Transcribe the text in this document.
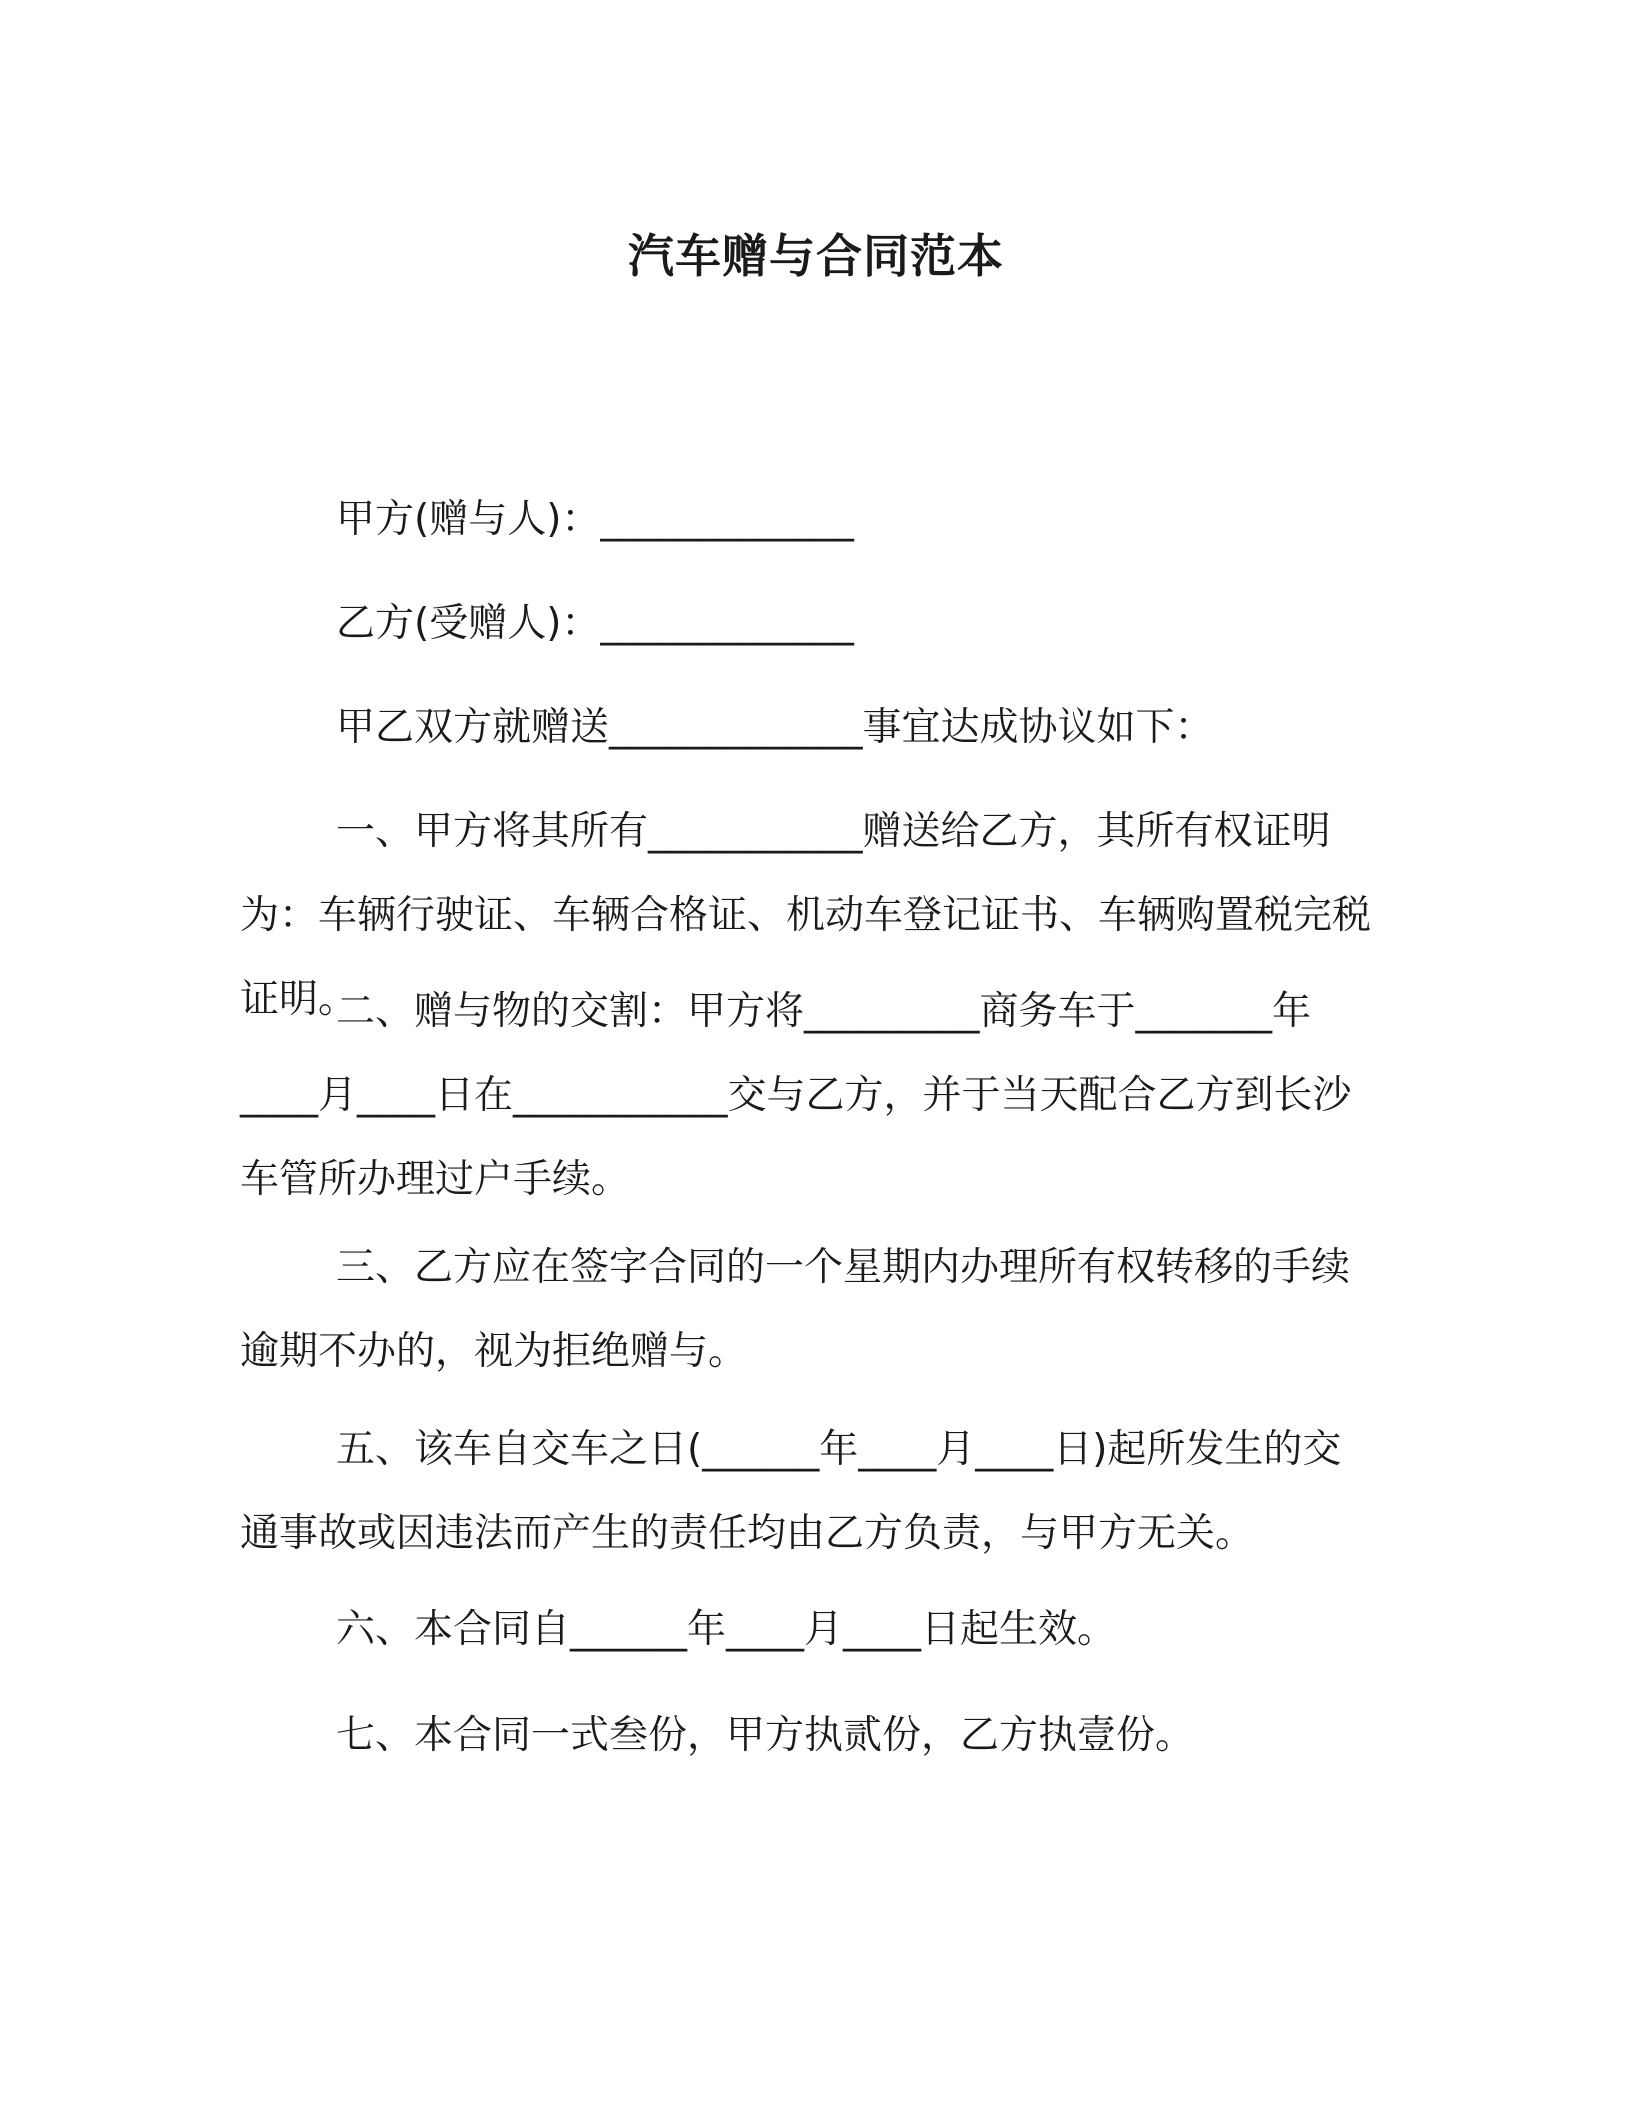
汽车赠与合同范本

甲方(赠与人)：_____________

乙方(受赠人)：_____________

甲乙双方就赠送_____________事宜达成协议如下：

一、甲方将其所有___________赠送给乙方，其所有权证明为：车辆行驶证、车辆合格证、机动车登记证书、车辆购置税完税证明。

二、赠与物的交割：甲方将_________商务车于_______年____月____日在___________交与乙方，并于当天配合乙方到长沙车管所办理过户手续。

三、乙方应在签字合同的一个星期内办理所有权转移的手续逾期不办的，视为拒绝赠与。

五、该车自交车之日(______年____月____日)起所发生的交通事故或因违法而产生的责任均由乙方负责，与甲方无关。

六、本合同自______年____月____日起生效。

七、本合同一式叁份，甲方执贰份，乙方执壹份。
